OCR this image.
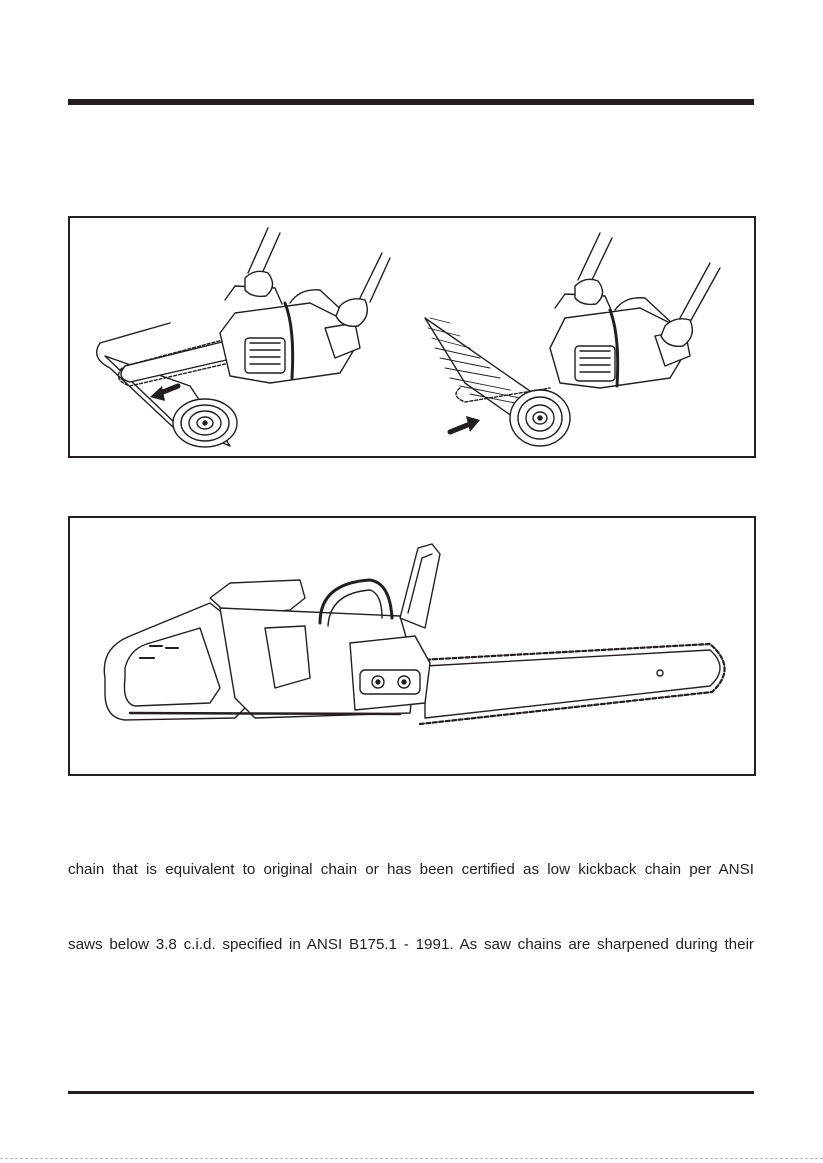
chain that is equivalent to original chain or has been certified as low kickback chain per ANSI
saws below 3.8 c.i.d. specified in ANSI B175.1 - 1991. As saw chains are sharpened during their
